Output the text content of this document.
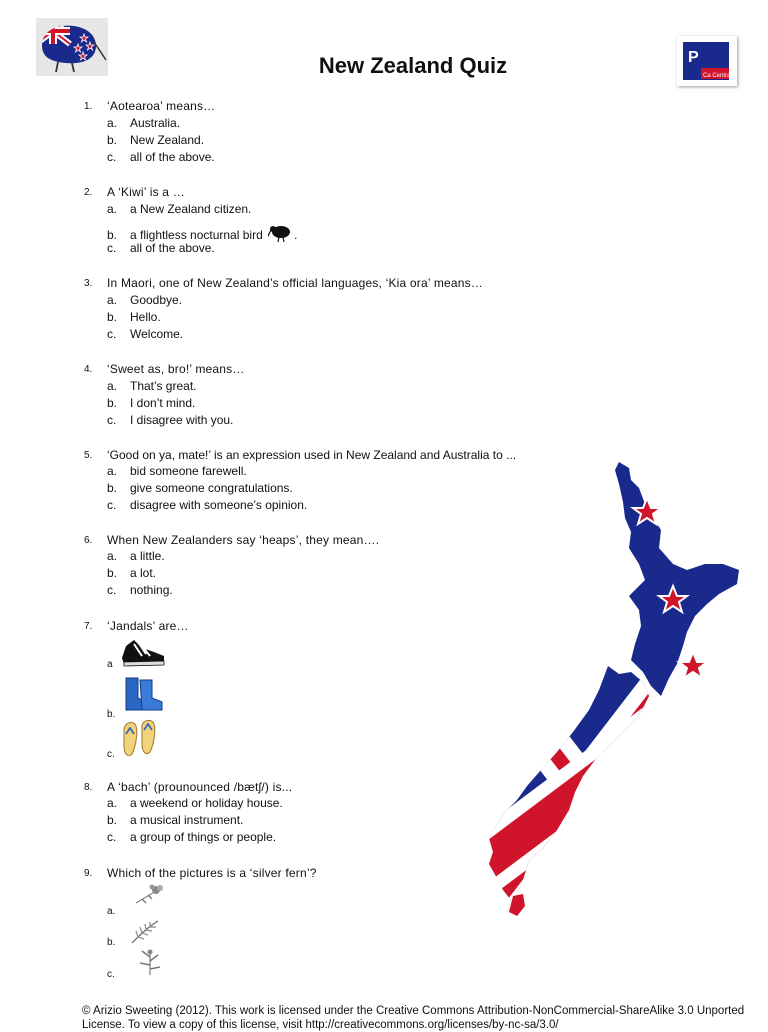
P
Ca Central
New Zealand Quiz
1.	‘Aotearoa’ means…
a. Australia.
b. New Zealand.
c. all of the above.
2.	A ‘Kiwi’ is a …
a. a New Zealand citizen.
b. a flightless nocturnal bird	.
c. all of the above.
3.	In Maori, one of New Zealand’s official languages, ‘Kia ora’ means…
a. Goodbye.
b. Hello.
c. Welcome.
4.	‘Sweet as, bro!’ means…
a. That’s great.
b. I don’t mind.
c. I disagree with you.
5.	‘Good on ya, mate!’ is an expression used in New Zealand and Australia to ...
a. bid someone farewell.
b. give someone congratulations.
c. disagree with someone’s opinion.
6.	When New Zealanders say ‘heaps’, they mean….
a. a little.
b. a lot.
c. nothing.
7.	‘Jandals’ are…
a
b.
c.
8.	A ‘bach’ (prounounced /bætʃ/) is...
a. a weekend or holiday house.
b. a musical instrument.
c. a group of things or people.
9.	Which of the pictures is a ‘silver fern’?
a.
b.
c.
© Arizio Sweeting (2012). This work is licensed under the Creative Commons Attribution-NonCommercial-ShareAlike 3.0 Unported License. To view a copy of this license, visit http://creativecommons.org/licenses/by-nc-sa/3.0/
